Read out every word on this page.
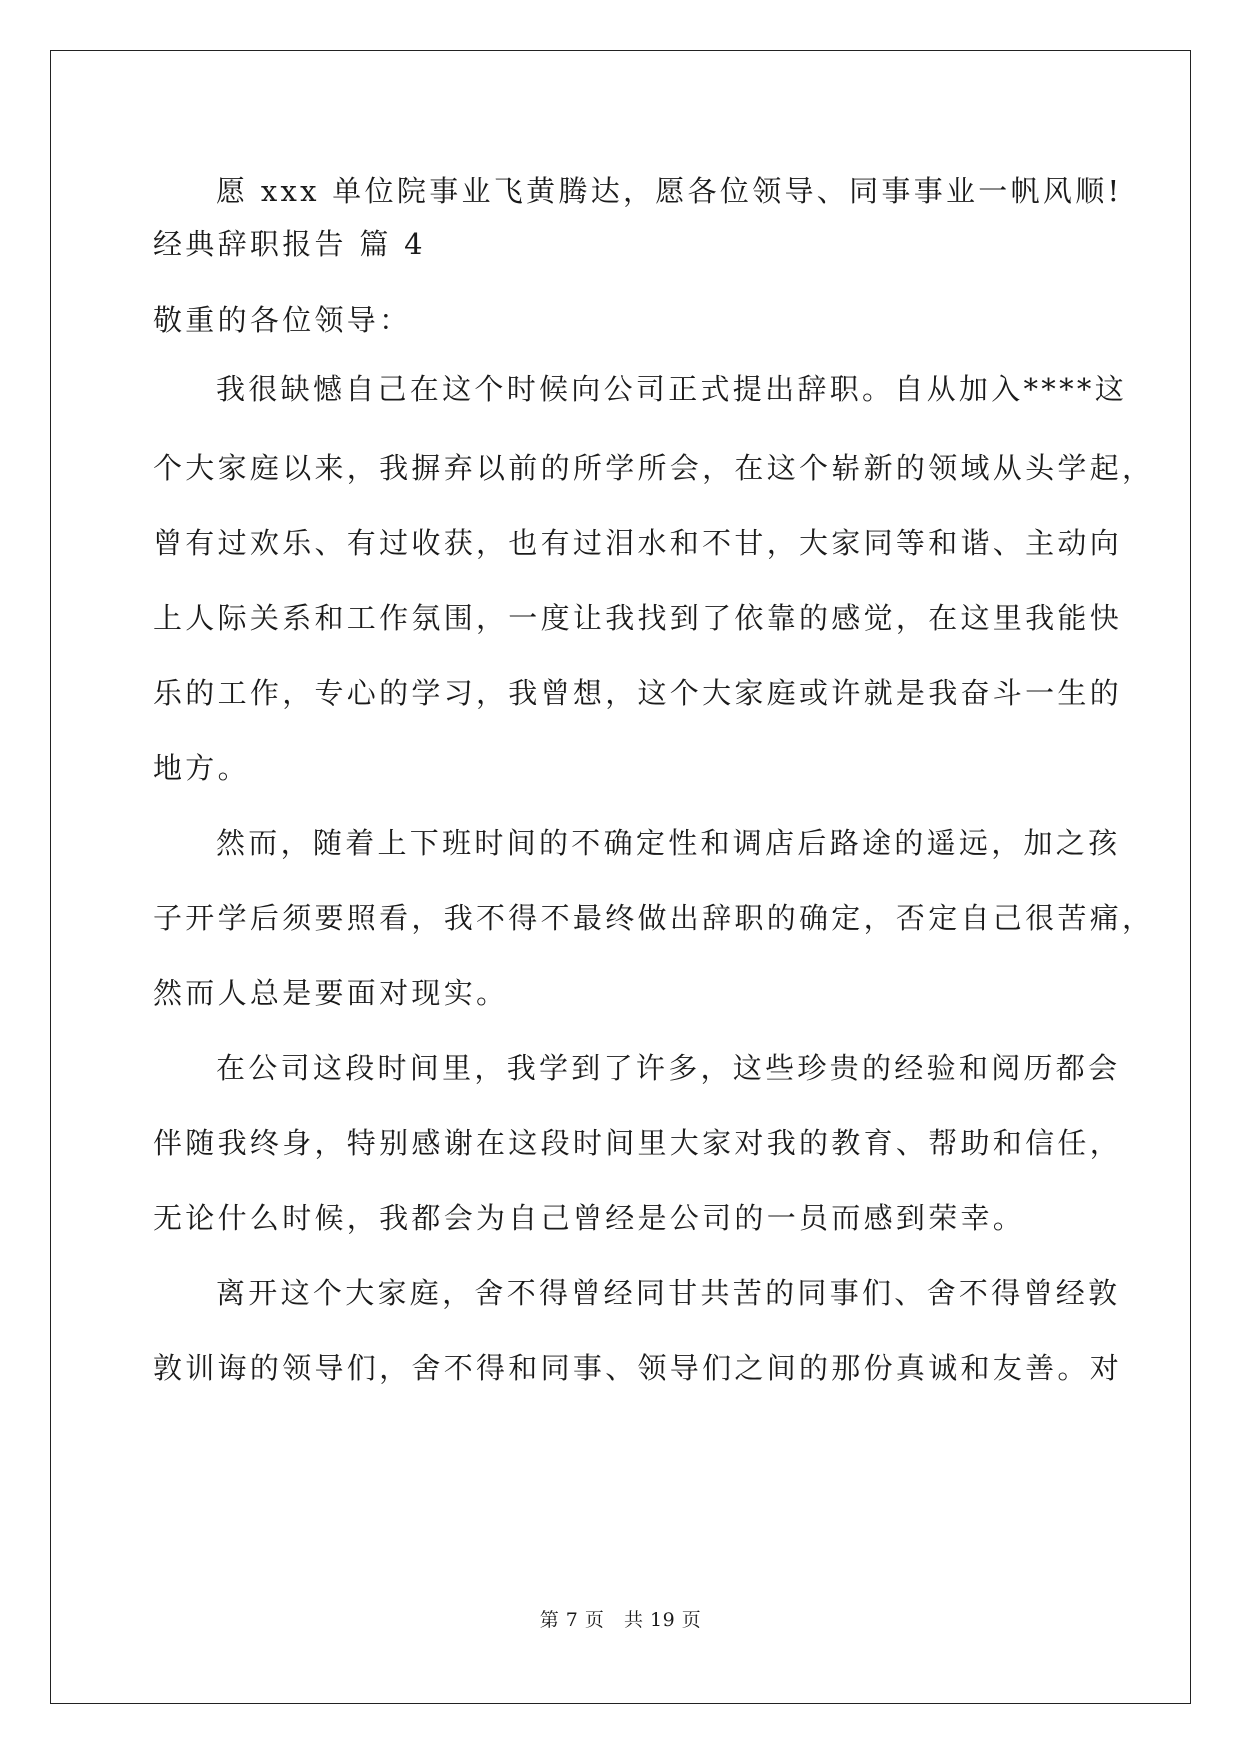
愿 xxx 单位院事业飞黄腾达，愿各位领导、同事事业一帆风顺!
经典辞职报告 篇 4
敬重的各位领导：
我很缺憾自己在这个时候向公司正式提出辞职。自从加入****这
个大家庭以来，我摒弃以前的所学所会，在这个崭新的领域从头学起，
曾有过欢乐、有过收获，也有过泪水和不甘，大家同等和谐、主动向
上人际关系和工作氛围，一度让我找到了依靠的感觉，在这里我能快
乐的工作，专心的学习，我曾想，这个大家庭或许就是我奋斗一生的
地方。
然而，随着上下班时间的不确定性和调店后路途的遥远，加之孩
子开学后须要照看，我不得不最终做出辞职的确定，否定自己很苦痛，
然而人总是要面对现实。
在公司这段时间里，我学到了许多，这些珍贵的经验和阅历都会
伴随我终身，特别感谢在这段时间里大家对我的教育、帮助和信任，
无论什么时候，我都会为自己曾经是公司的一员而感到荣幸。
离开这个大家庭，舍不得曾经同甘共苦的同事们、舍不得曾经敦
敦训诲的领导们，舍不得和同事、领导们之间的那份真诚和友善。对
第 7 页 共 19 页
